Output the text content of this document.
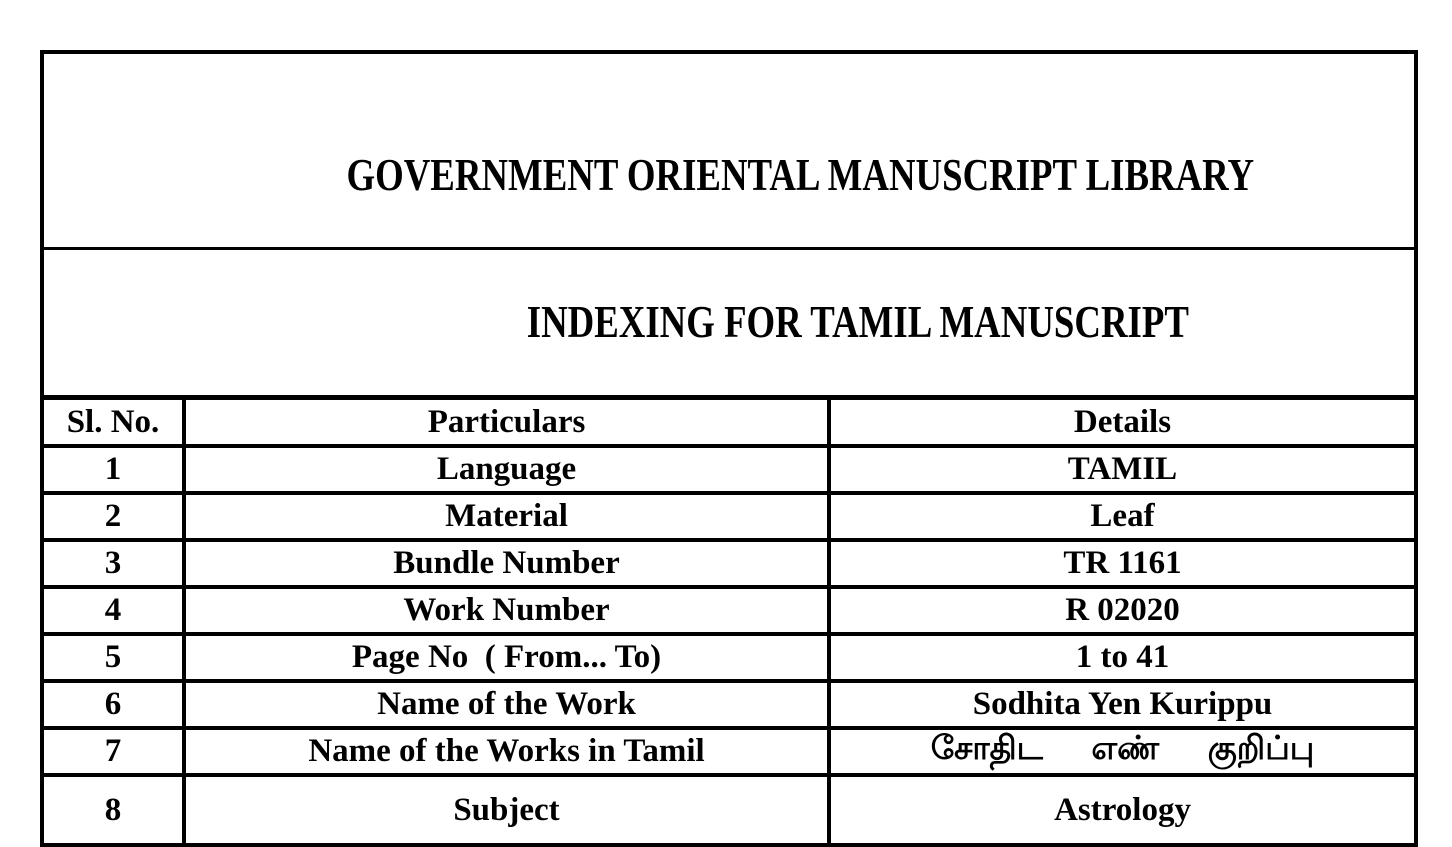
GOVERNMENT ORIENTAL MANUSCRIPT LIBRARY		

INDEXING FOR TAMIL MANUSCRIPT		

Sl. No.	Particulars	Details
1	Language	TAMIL
2	Material	Leaf
3	Bundle Number	TR 1161
4	Work Number	R 02020
5	Page No  ( From... To)	1 to 41
6	Name of the Work	Sodhita Yen Kurippu
7	Name of the Works in Tamil	சோதிட  எண்  குறிப்பு
8	Subject	Astrology
